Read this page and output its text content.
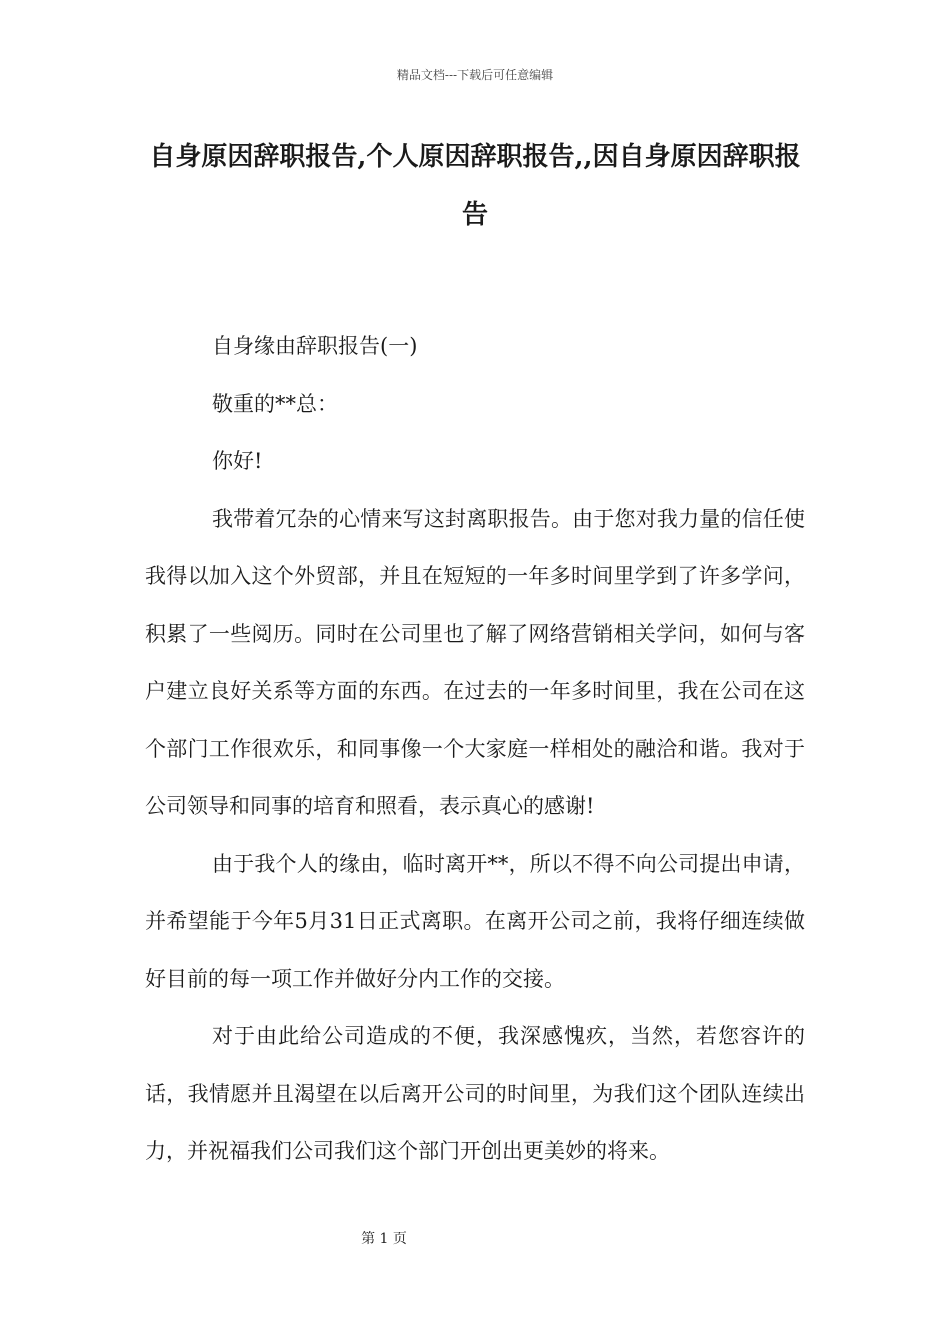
精品文档---下载后可任意编辑
自身原因辞职报告,个人原因辞职报告,,因自身原因辞职报告

自身缘由辞职报告(一)

敬重的**总：

你好!

我带着冗杂的心情来写这封离职报告。由于您对我力量的信任使我得以加入这个外贸部，并且在短短的一年多时间里学到了许多学问，积累了一些阅历。同时在公司里也了解了网络营销相关学问，如何与客户建立良好关系等方面的东西。在过去的一年多时间里，我在公司在这个部门工作很欢乐，和同事像一个大家庭一样相处的融洽和谐。我对于公司领导和同事的培育和照看，表示真心的感谢!

由于我个人的缘由，临时离开**，所以不得不向公司提出申请，并希望能于今年5月31日正式离职。在离开公司之前，我将仔细连续做好目前的每一项工作并做好分内工作的交接。

对于由此给公司造成的不便，我深感愧疚，当然，若您容许的话，我情愿并且渴望在以后离开公司的时间里，为我们这个团队连续出力，并祝福我们公司我们这个部门开创出更美妙的将来。

第 1 页
